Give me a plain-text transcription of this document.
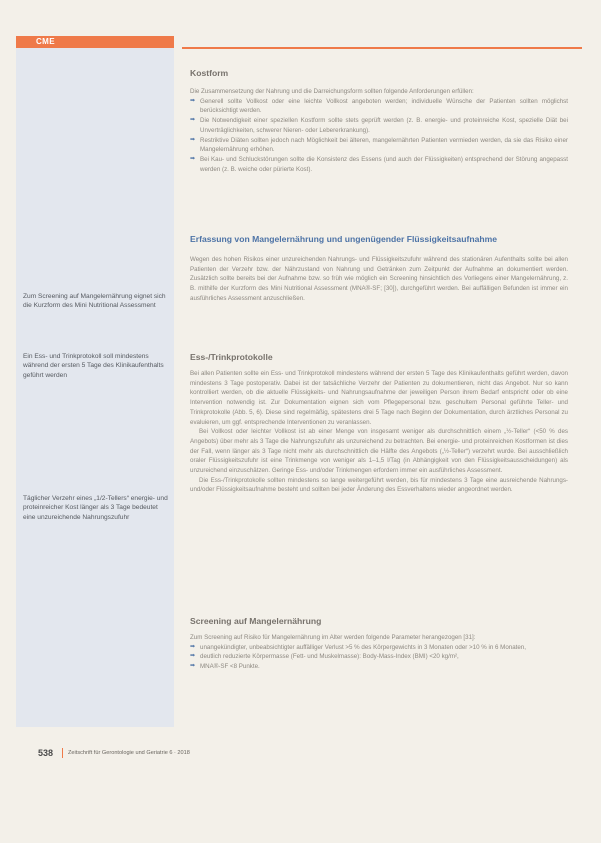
CME
Zum Screening auf Mangelernährung eignet sich die Kurzform des Mini Nutritional Assessment
Ein Ess- und Trinkprotokoll soll mindestens während der ersten 5 Tage des Klinikaufenthalts geführt werden
Täglicher Verzehr eines „1/2-Tellers“ energie- und proteinreicher Kost länger als 3 Tage bedeutet eine unzureichende Nahrungszufuhr
Kostform

Die Zusammensetzung der Nahrung und die Darreichungsform sollten folgende Anforderungen erfüllen:

➡ Generell sollte Vollkost oder eine leichte Vollkost angeboten werden; individuelle Wünsche der Patienten sollten möglichst berücksichtigt werden.
➡ Die Notwendigkeit einer speziellen Kostform sollte stets geprüft werden (z. B. energie- und proteinreiche Kost, spezielle Diät bei Unverträglichkeiten, schwerer Nieren- oder Lebererkrankung).
➡ Restriktive Diäten sollten jedoch nach Möglichkeit bei älteren, mangelernährten Patienten vermieden werden, da sie das Risiko einer Mangelernährung erhöhen.
➡ Bei Kau- und Schluckstörungen sollte die Konsistenz des Essens (und auch der Flüssigkeiten) entsprechend der Störung angepasst werden (z. B. weiche oder pürierte Kost).
Erfassung von Mangelernährung und ungenügender Flüssigkeitsaufnahme

Wegen des hohen Risikos einer unzureichenden Nahrungs- und Flüssigkeitszufuhr während des stationären Aufenthalts sollte bei allen Patienten der Verzehr bzw. der Nährzustand von Nahrung und Getränken zum Zeitpunkt der Aufnahme an dokumentiert werden. Zusätzlich sollte bereits bei der Aufnahme bzw. so früh wie möglich ein Screening hinsichtlich des Vorliegens einer Mangelernährung, z. B. mithilfe der Kurzform des Mini Nutritional Assessment (MNA®-SF; [30]), durchgeführt werden. Bei auffälligen Befunden ist immer ein ausführliches Assessment anzuschließen.

Ess-/Trinkprotokolle

Bei allen Patienten sollte ein Ess- und Trinkprotokoll mindestens während der ersten 5 Tage des Klinikaufenthalts geführt werden, davon mindestens 3 Tage postoperativ. Dabei ist der tatsächliche Verzehr der Patienten zu dokumentieren, nicht das Angebot. Nur so kann kontrolliert werden, ob die aktuelle Flüssigkeits- und Nahrungsaufnahme der jeweiligen Person ihrem Bedarf entspricht oder ob eine Intervention notwendig ist. Zur Dokumentation eignen sich vom Pflegepersonal bzw. geschultem Personal geführte Teller- und Trinkprotokolle (Abb. 5, 6). Diese sind regelmäßig, spätestens drei 5 Tage nach Beginn der Dokumentation, durch ärztliches Personal zu evaluieren, um ggf. entsprechende Interventionen zu veranlassen.

Bei Vollkost oder leichter Vollkost ist ab einer Menge von insgesamt weniger als durchschnittlich einem „½-Teller“ (<50 % des Angebots) über mehr als 3 Tage die Nahrungszufuhr als unzureichend zu betrachten. Bei energie- und proteinreichen Kostformen ist dies der Fall, wenn länger als 3 Tage nicht mehr als durchschnittlich die Hälfte des Angebots („½-Teller“) verzehrt wurde. Bei ausschließlich oraler Flüssigkeitszufuhr ist eine Trinkmenge von weniger als 1–1,5 l/Tag (in Abhängigkeit von den Flüssigkeitsausscheidungen) als unzureichend einzuschätzen. Geringe Ess- und/oder Trinkmengen erfordern immer ein ausführliches Assessment.

Die Ess-/Trinkprotokolle sollten mindestens so lange weitergeführt werden, bis für mindestens 3 Tage eine ausreichende Nahrungs- und/oder Flüssigkeitsaufnahme besteht und sollten bei jeder Änderung des Essverhaltens wieder angeordnet werden.

Screening auf Mangelernährung

Zum Screening auf Risiko für Mangelernährung im Alter werden folgende Parameter herangezogen [31]:

➡ unangekündigter, unbeabsichtigter auffälliger Verlust >5 % des Körpergewichts in 3 Monaten oder >10 % in 6 Monaten,
➡ deutlich reduzierte Körpermasse (Fett- und Muskelmasse): Body-Mass-Index (BMI) <20 kg/m²,
➡ MNA®-SF <8 Punkte.
538	Zeitschrift für Gerontologie und Geriatrie 6 · 2018
